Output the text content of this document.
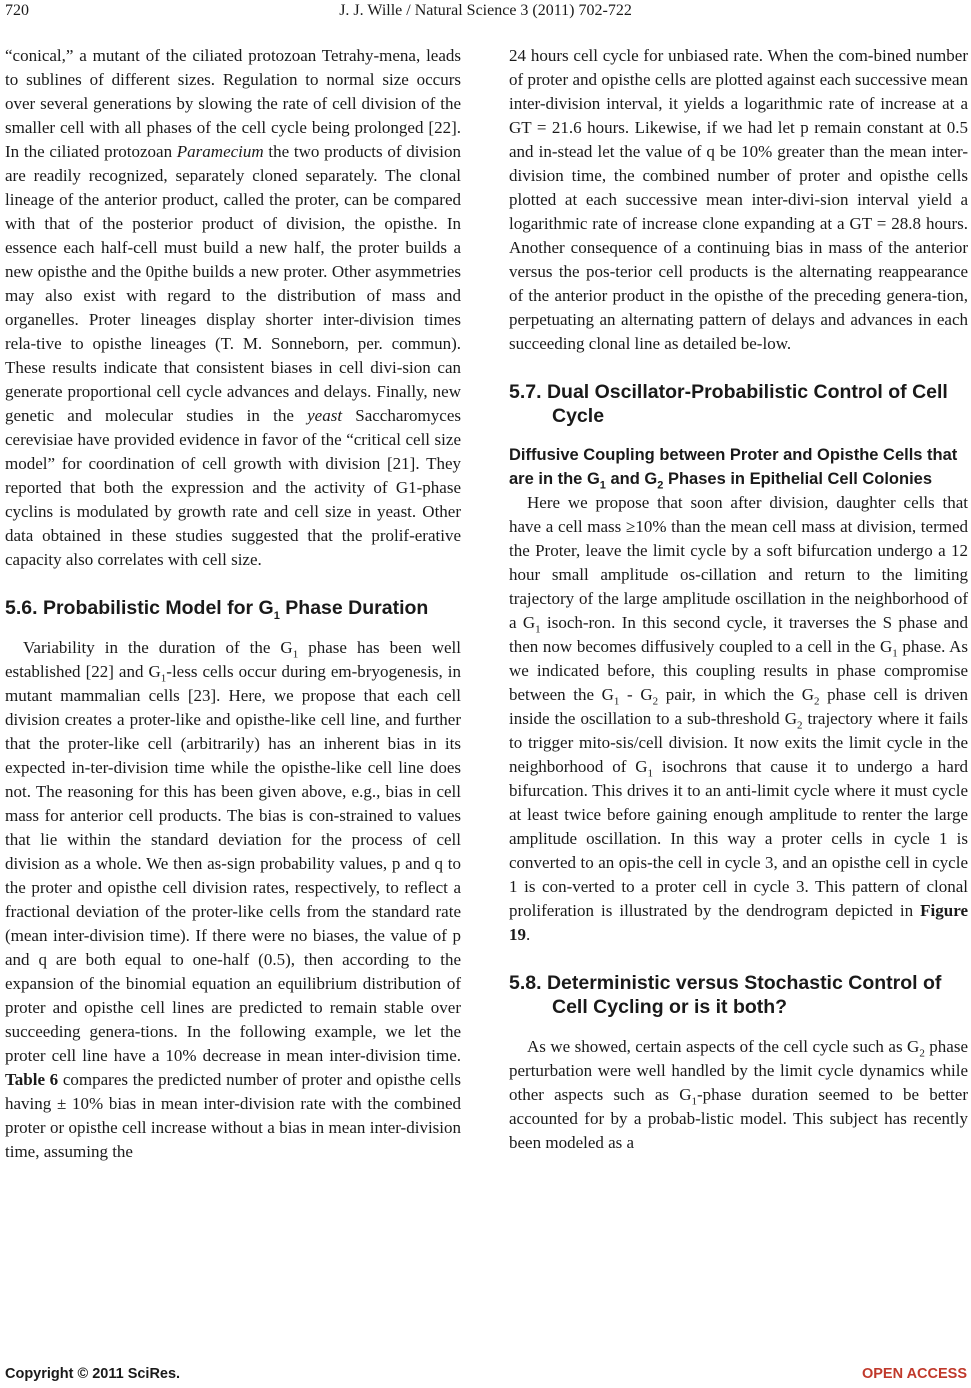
720	J. J. Wille / Natural Science 3 (2011) 702-722

“conical,” a mutant of the ciliated protozoan Tetrahy-mena, leads to sublines of different sizes. Regulation to normal size occurs over several generations by slowing the rate of cell division of the smaller cell with all phases of the cell cycle being prolonged [22]. In the ciliated protozoan Paramecium the two products of division are readily recognized, separately cloned separately. The clonal lineage of the anterior product, called the proter, can be compared with that of the posterior product of division, the opisthe. In essence each half-cell must build a new half, the proter builds a new opisthe and the 0pithe builds a new proter. Other asymmetries may also exist with regard to the distribution of mass and organelles. Proter lineages display shorter inter-division times rela-tive to opisthe lineages (T. M. Sonneborn, per. commun). These results indicate that consistent biases in cell divi-sion can generate proportional cell cycle advances and delays. Finally, new genetic and molecular studies in the yeast Saccharomyces cerevisiae have provided evidence in favor of the “critical cell size model” for coordination of cell growth with division [21]. They reported that both the expression and the activity of G1-phase cyclins is modulated by growth rate and cell size in yeast. Other data obtained in these studies suggested that the prolif-erative capacity also correlates with cell size.

5.6. Probabilistic Model for $G_1$ Phase Duration

Variability in the duration of the $G_1$ phase has been well established [22] and $G_1$-less cells occur during em-bryogenesis, in mutant mammalian cells [23]. Here, we propose that each cell division creates a proter-like and opisthe-like cell line, and further that the proter-like cell (arbitrarily) has an inherent bias in its expected in-ter-division time while the opisthe-like cell line does not. The reasoning for this has been given above, e.g., bias in cell mass for anterior cell products. The bias is con-strained to values that lie within the standard deviation for the process of cell division as a whole. We then as-sign probability values, p and q to the proter and opisthe cell division rates, respectively, to reflect a fractional deviation of the proter-like cells from the standard rate (mean inter-division time). If there were no biases, the value of p and q are both equal to one-half (0.5), then according to the expansion of the binomial equation an equilibrium distribution of proter and opisthe cell lines are predicted to remain stable over succeeding genera-tions. In the following example, we let the proter cell line have a 10% decrease in mean inter-division time. Table 6 compares the predicted number of proter and opisthe cells having ± 10% bias in mean inter-division rate with the combined proter or opisthe cell increase without a bias in mean inter-division time, assuming the

24 hours cell cycle for unbiased rate. When the com-bined number of proter and opisthe cells are plotted against each successive mean inter-division interval, it yields a logarithmic rate of increase at a GT = 21.6 hours. Likewise, if we had let p remain constant at 0.5 and in-stead let the value of q be 10% greater than the mean inter-division time, the combined number of proter and opisthe cells plotted at each successive mean inter-divi-sion interval yield a logarithmic rate of increase clone expanding at a GT = 28.8 hours. Another consequence of a continuing bias in mass of the anterior versus the pos-terior cell products is the alternating reappearance of the anterior product in the opisthe of the preceding genera-tion, perpetuating an alternating pattern of delays and advances in each succeeding clonal line as detailed be-low.

5.7. Dual Oscillator-Probabilistic Control of Cell Cycle
Diffusive Coupling between Proter and Opisthe Cells that are in the $G_1$ and $G_2$ Phases in Epithelial Cell Colonies

Here we propose that soon after division, daughter cells that have a cell mass ≥10% than the mean cell mass at division, termed the Proter, leave the limit cycle by a soft bifurcation undergo a 12 hour small amplitude os-cillation and return to the limiting trajectory of the large amplitude oscillation in the neighborhood of a $G_1$ isoch-ron. In this second cycle, it traverses the S phase and then now becomes diffusively coupled to a cell in the $G_1$ phase. As we indicated before, this coupling results in phase compromise between the $G_1 - G_2$ pair, in which the $G_2$ phase cell is driven inside the oscillation to a sub-threshold $G_2$ trajectory where it fails to trigger mito-sis/cell division. It now exits the limit cycle in the neighborhood of $G_1$ isochrons that cause it to undergo a hard bifurcation. This drives it to an anti-limit cycle where it must cycle at least twice before gaining enough amplitude to renter the large amplitude oscillation. In this way a proter cells in cycle 1 is converted to an opis-the cell in cycle 3, and an opisthe cell in cycle 1 is con-verted to a proter cell in cycle 3. This pattern of clonal proliferation is illustrated by the dendrogram depicted in Figure 19.

5.8. Deterministic versus Stochastic Control of Cell Cycling or is it both?

As we showed, certain aspects of the cell cycle such as $G_2$ phase perturbation were well handled by the limit cycle dynamics while other aspects such as $G_1$-phase duration seemed to be better accounted for by a probab-listic model. This subject has recently been modeled as a

Copyright © 2011 SciRes.	OPEN ACCESS
